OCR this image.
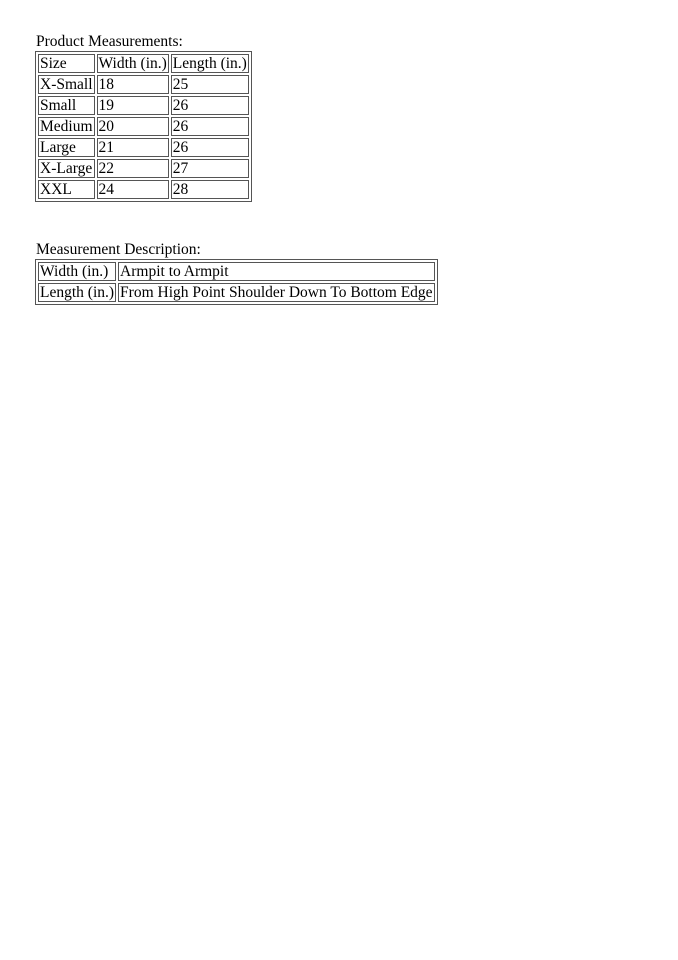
Product Measurements:
Size	Width (in.)	Length (in.)
X-Small	18	25
Small	19	26
Medium	20	26
Large	21	26
X-Large	22	27
XXL	24	28
Measurement Description:
Width (in.)	Armpit to Armpit
Length (in.)	From High Point Shoulder Down To Bottom Edge
